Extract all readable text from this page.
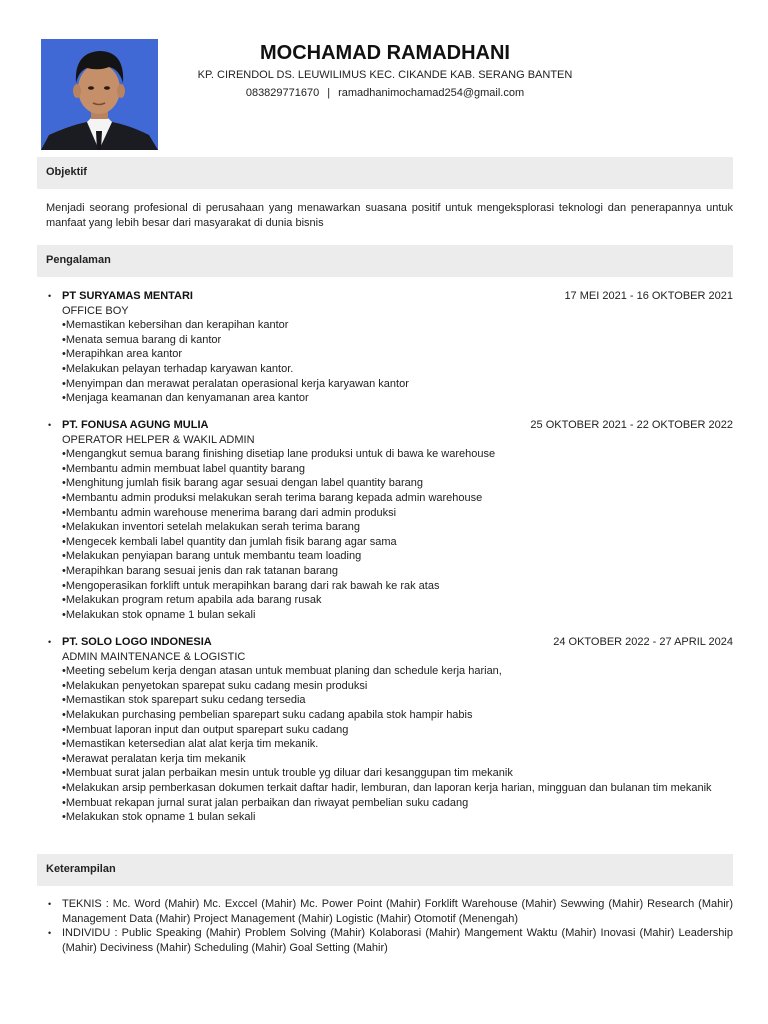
MOCHAMAD RAMADHANI
KP. CIRENDOL DS. LEUWILIMUS KEC. CIKANDE KAB. SERANG BANTEN
083829771670 | ramadhanimochamad254@gmail.com
Objektif
Menjadi seorang profesional di perusahaan yang menawarkan suasana positif untuk mengeksplorasi teknologi dan penerapannya untuk manfaat yang lebih besar dari masyarakat di dunia bisnis
Pengalaman
• PT SURYAMAS MENTARI	17 MEI 2021 - 16 OKTOBER 2021
OFFICE BOY
•Memastikan kebersihan dan kerapihan kantor
•Menata semua barang di kantor
•Merapihkan area kantor
•Melakukan pelayan terhadap karyawan kantor.
•Menyimpan dan merawat peralatan operasional kerja karyawan kantor
•Menjaga keamanan dan kenyamanan area kantor
• PT. FONUSA AGUNG MULIA	25 OKTOBER 2021 - 22 OKTOBER 2022
OPERATOR HELPER & WAKIL ADMIN
•Mengangkut semua barang finishing disetiap lane produksi untuk di bawa ke warehouse
•Membantu admin membuat label quantity barang
•Menghitung jumlah fisik barang agar sesuai dengan label quantity barang
•Membantu admin produksi melakukan serah terima barang kepada admin warehouse
•Membantu admin warehouse menerima barang dari admin produksi
•Melakukan inventori setelah melakukan serah terima barang
•Mengecek kembali label quantity dan jumlah fisik barang agar sama
•Melakukan penyiapan barang untuk membantu team loading
•Merapihkan barang sesuai jenis dan rak tatanan barang
•Mengoperasikan forklift untuk merapihkan barang dari rak bawah ke rak atas
•Melakukan program retum apabila ada barang rusak
•Melakukan stok opname 1 bulan sekali
• PT. SOLO LOGO INDONESIA	24 OKTOBER 2022 - 27 APRIL 2024
ADMIN MAINTENANCE & LOGISTIC
•Meeting sebelum kerja dengan atasan untuk membuat planing dan schedule kerja harian,
•Melakukan penyetokan sparepat suku cadang mesin produksi
•Memastikan stok sparepart suku cedang tersedia
•Melakukan purchasing pembelian sparepart suku cadang apabila stok hampir habis
•Membuat laporan input dan output sparepart suku cadang
•Memastikan ketersedian alat alat kerja tim mekanik.
•Merawat peralatan kerja tim mekanik
•Membuat surat jalan perbaikan mesin untuk trouble yg diluar dari kesanggupan tim mekanik
•Melakukan arsip pemberkasan dokumen terkait daftar hadir, lemburan, dan laporan kerja harian, mingguan dan bulanan tim mekanik
•Membuat rekapan jurnal surat jalan perbaikan dan riwayat pembelian suku cadang
•Melakukan stok opname 1 bulan sekali
Keterampilan
• TEKNIS : Mc. Word (Mahir) Mc. Exccel (Mahir) Mc. Power Point (Mahir) Forklift Warehouse (Mahir) Sewwing (Mahir) Research (Mahir) Management Data (Mahir) Project Management (Mahir) Logistic (Mahir) Otomotif (Menengah)
• INDIVIDU : Public Speaking (Mahir) Problem Solving (Mahir) Kolaborasi (Mahir) Mangement Waktu (Mahir) Inovasi (Mahir) Leadership (Mahir) Deciviness (Mahir) Scheduling (Mahir) Goal Setting (Mahir)
